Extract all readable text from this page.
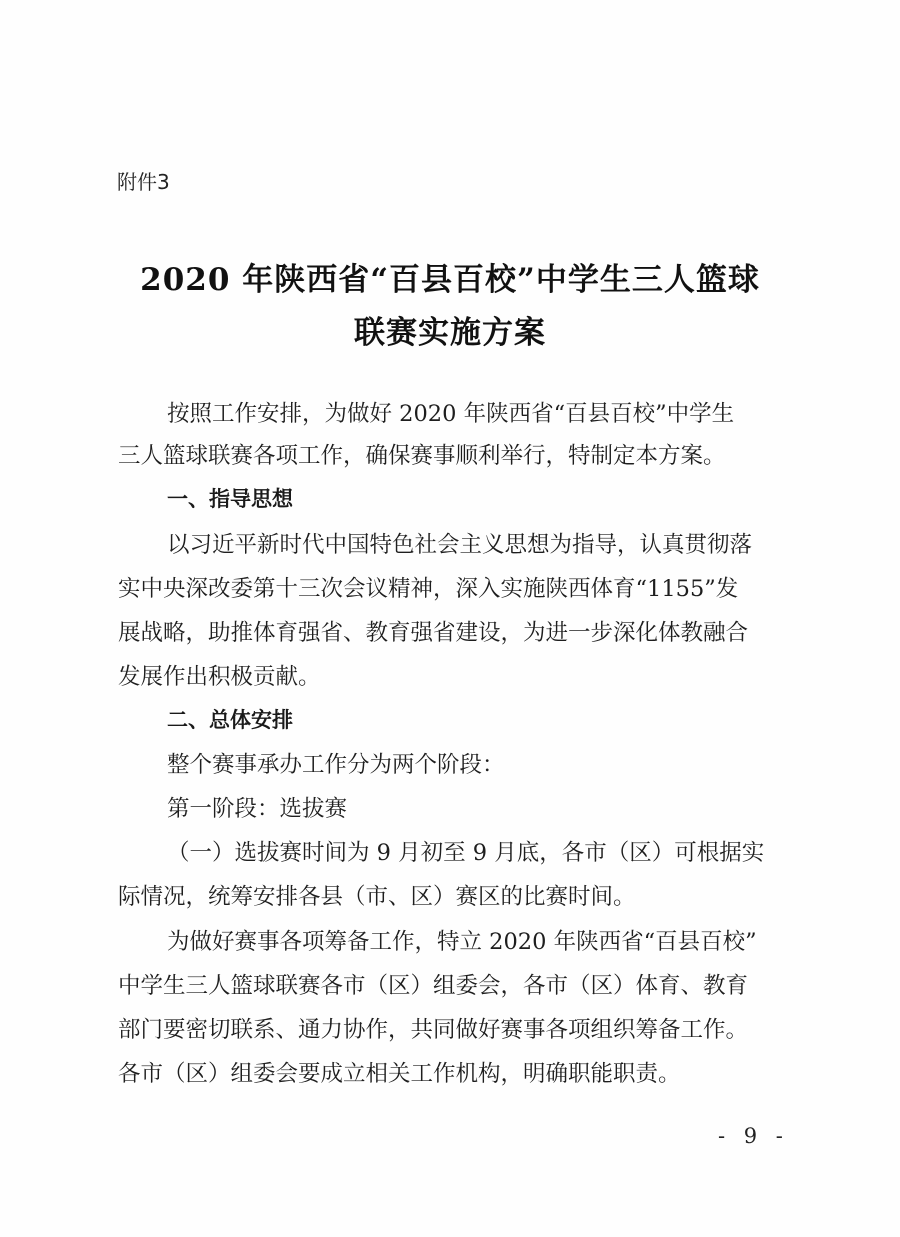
附件3
2020 年陕西省“百县百校”中学生三人篮球
联赛实施方案
按照工作安排，为做好 2020 年陕西省“百县百校”中学生
三人篮球联赛各项工作，确保赛事顺利举行，特制定本方案。
一、指导思想
以习近平新时代中国特色社会主义思想为指导，认真贯彻落
实中央深改委第十三次会议精神，深入实施陕西体育“1155”发
展战略，助推体育强省、教育强省建设，为进一步深化体教融合
发展作出积极贡献。
二、总体安排
整个赛事承办工作分为两个阶段：
第一阶段：选拔赛
（一）选拔赛时间为 9 月初至 9 月底，各市（区）可根据实
际情况，统筹安排各县（市、区）赛区的比赛时间。
为做好赛事各项筹备工作，特立 2020 年陕西省“百县百校”
中学生三人篮球联赛各市（区）组委会，各市（区）体育、教育
部门要密切联系、通力协作，共同做好赛事各项组织筹备工作。
各市（区）组委会要成立相关工作机构，明确职能职责。
- 9 -
